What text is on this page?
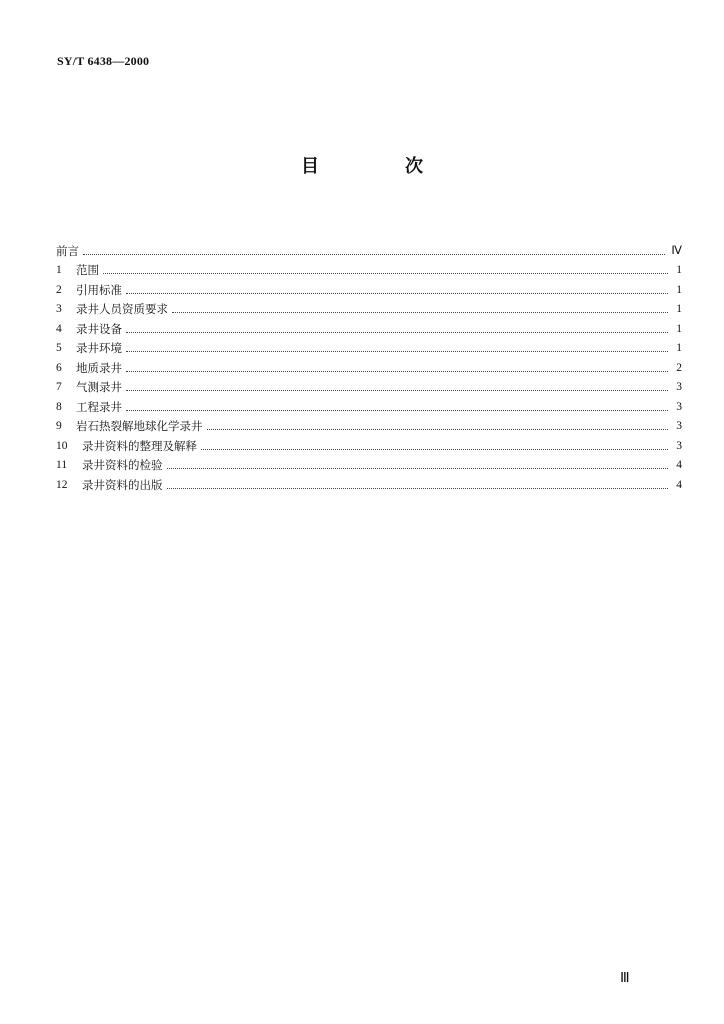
SY/T 6438—2000
目　次
前言	Ⅳ
1	范围	1
2	引用标准	1
3	录井人员资质要求	1
4	录井设备	1
5	录井环境	1
6	地质录井	2
7	气测录井	3
8	工程录井	3
9	岩石热裂解地球化学录井	3
10	录井资料的整理及解释	3
11	录井资料的检验	4
12	录井资料的出版	4
Ⅲ
